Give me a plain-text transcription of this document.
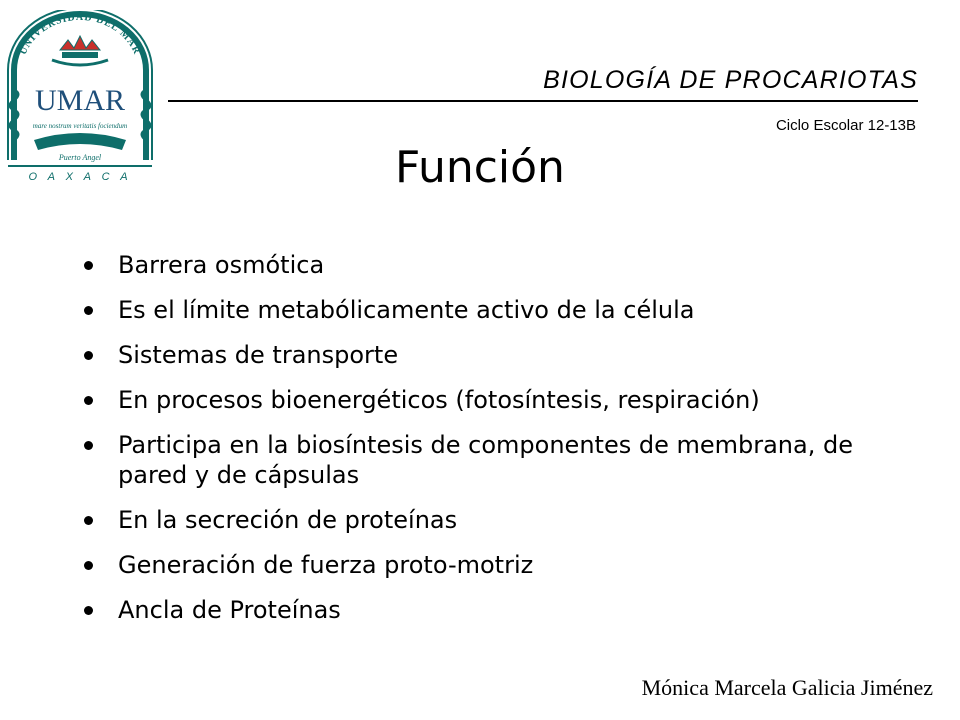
UNIVERSIDAD DEL MAR
UMAR
mare nostrum veritatis fociendum
Puerto Angel
O A X A C A
BIOLOGÍA DE PROCARIOTAS
Ciclo Escolar 12-13B
Función
Barrera osmótica
Es el límite metabólicamente activo de la célula
Sistemas de transporte
En procesos bioenergéticos (fotosíntesis, respiración)
Participa en la biosíntesis de componentes de membrana, de pared y de cápsulas
En la secreción de proteínas
Generación de fuerza proto-motriz
Ancla de Proteínas
Mónica Marcela Galicia Jiménez
